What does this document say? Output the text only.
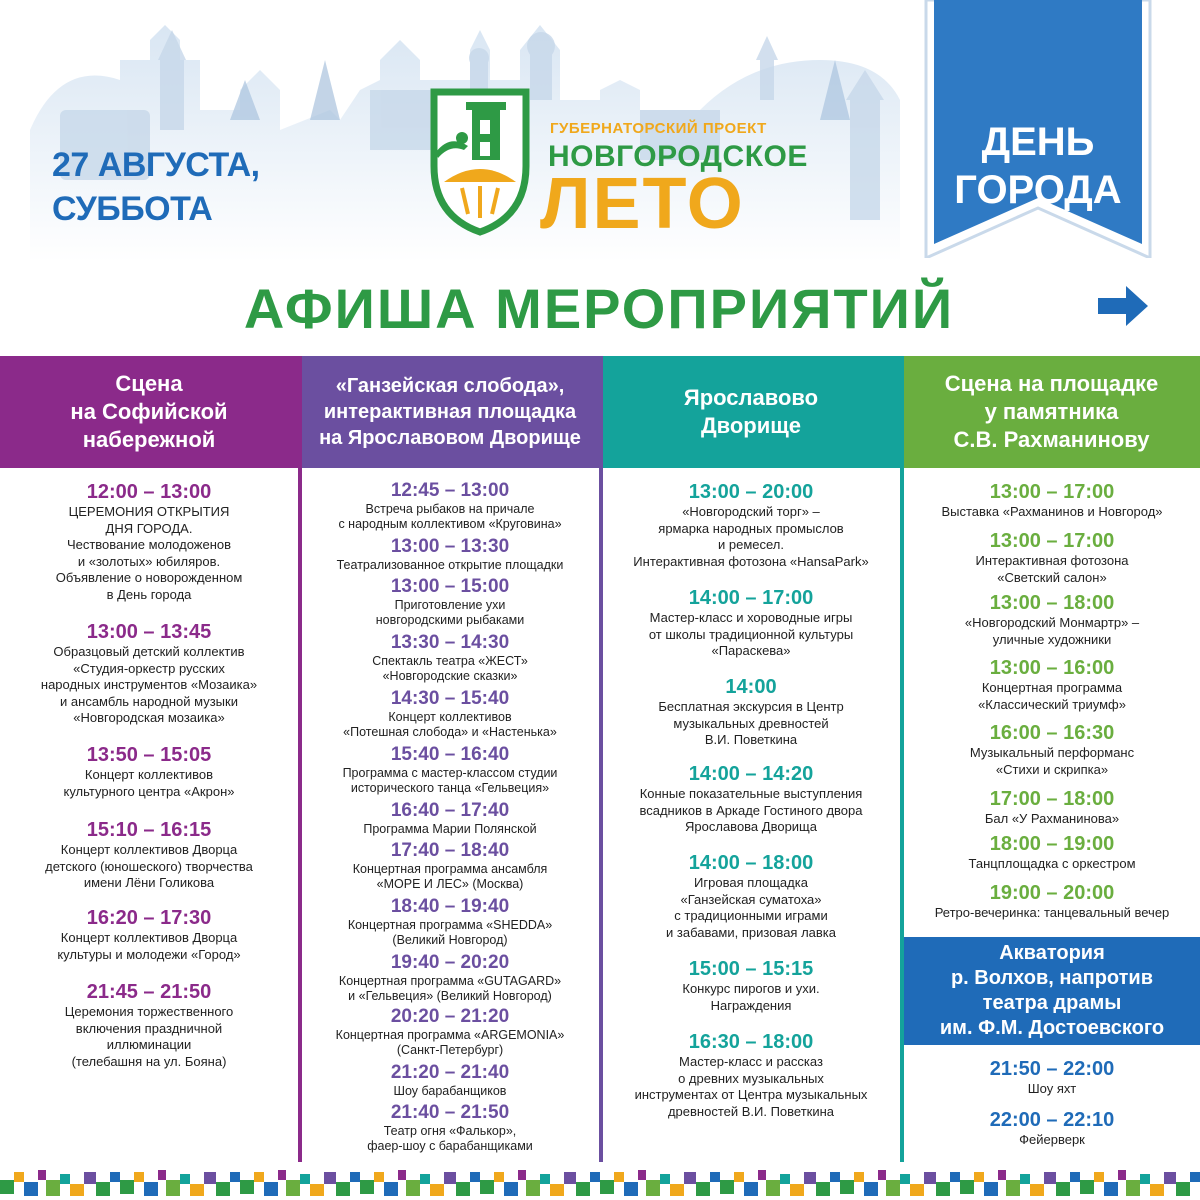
27 АВГУСТА,
СУББОТА
ГУБЕРНАТОРСКИЙ ПРОЕКТ
НОВГОРОДСКОЕ
ЛЕТО
ДЕНЬ
ГОРОДА
АФИША МЕРОПРИЯТИЙ
Сцена
на Софийской
набережной
12:00 – 13:00
ЦЕРЕМОНИЯ ОТКРЫТИЯ
ДНЯ ГОРОДА.
Чествование молодоженов
и «золотых» юбиляров.
Объявление о новорожденном
в День города
13:00 – 13:45
Образцовый детский коллектив
«Студия-оркестр русских
народных инструментов «Мозаика»
и ансамбль народной музыки
«Новгородская мозаика»
13:50 – 15:05
Концерт коллективов
культурного центра «Акрон»
15:10 – 16:15
Концерт коллективов Дворца
детского (юношеского) творчества
имени Лёни Голикова
16:20 – 17:30
Концерт коллективов Дворца
культуры и молодежи «Город»
21:45 – 21:50
Церемония торжественного
включения праздничной
иллюминации
(телебашня на ул. Бояна)
«Ганзейская слобода»,
интерактивная площадка
на Ярославовом Дворище
12:45 – 13:00
Встреча рыбаков на причале
с народным коллективом «Круговина»
13:00 – 13:30
Театрализованное открытие площадки
13:00 – 15:00
Приготовление ухи
новгородскими рыбаками
13:30 – 14:30
Спектакль театра «ЖЕСТ»
«Новгородские сказки»
14:30 – 15:40
Концерт коллективов
«Потешная слобода» и «Настенька»
15:40 – 16:40
Программа с мастер-классом студии
исторического танца «Гельвеция»
16:40 – 17:40
Программа Марии Полянской
17:40 – 18:40
Концертная программа ансамбля
«МОРЕ И ЛЕС» (Москва)
18:40 – 19:40
Концертная программа «SHEDDA»
(Великий Новгород)
19:40 – 20:20
Концертная программа «GUTAGARD»
и «Гельвеция» (Великий Новгород)
20:20 – 21:20
Концертная программа «ARGEMONIA»
(Санкт-Петербург)
21:20 – 21:40
Шоу барабанщиков
21:40 – 21:50
Театр огня «Фалькор»,
фаер-шоу с барабанщиками
Ярославово
Дворище
13:00 – 20:00
«Новгородский торг» –
ярмарка народных промыслов
и ремесел.
Интерактивная фотозона «HansaPark»
14:00 – 17:00
Мастер-класс и хороводные игры
от школы традиционной культуры
«Параскева»
14:00
Бесплатная экскурсия в Центр
музыкальных древностей
В.И. Поветкина
14:00 – 14:20
Конные показательные выступления
всадников в Аркаде Гостиного двора
Ярославова Дворища
14:00 – 18:00
Игровая площадка
«Ганзейская суматоха»
с традиционными играми
и забавами, призовая лавка
15:00 – 15:15
Конкурс пирогов и ухи.
Награждения
16:30 – 18:00
Мастер-класс и рассказ
о древних музыкальных
инструментах от Центра музыкальных
древностей В.И. Поветкина
Сцена на площадке
у памятника
С.В. Рахманинову
13:00 – 17:00
Выставка «Рахманинов и Новгород»
13:00 – 17:00
Интерактивная фотозона
«Светский салон»
13:00 – 18:00
«Новгородский Монмартр» –
уличные художники
13:00 – 16:00
Концертная программа
«Классический триумф»
16:00 – 16:30
Музыкальный перформанс
«Стихи и скрипка»
17:00 – 18:00
Бал «У Рахманинова»
18:00 – 19:00
Танцплощадка с оркестром
19:00 – 20:00
Ретро-вечеринка: танцевальный вечер
Акватория
р. Волхов, напротив
театра драмы
им. Ф.М. Достоевского
21:50 – 22:00
Шоу яхт
22:00 – 22:10
Фейерверк
